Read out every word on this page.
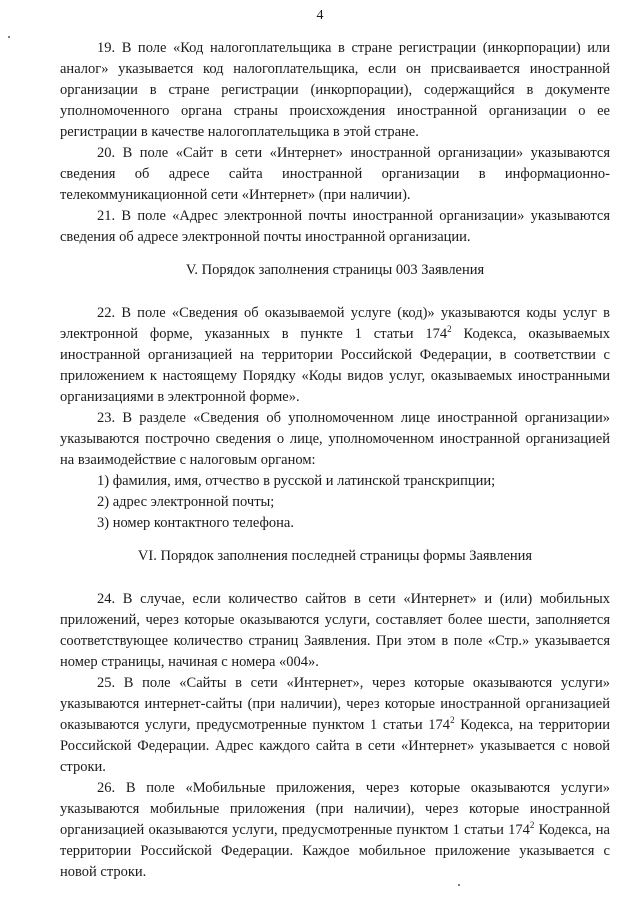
4

19. В поле «Код налогоплательщика в стране регистрации (инкорпорации) или аналог» указывается код налогоплательщика, если он присваивается иностранной организации в стране регистрации (инкорпорации), содержащийся в документе уполномоченного органа страны происхождения иностранной организации о ее регистрации в качестве налогоплательщика в этой стране.

20. В поле «Сайт в сети «Интернет» иностранной организации» указываются сведения об адресе сайта иностранной организации в информационно-телекоммуникационной сети «Интернет» (при наличии).

21. В поле «Адрес электронной почты иностранной организации» указываются сведения об адресе электронной почты иностранной организации.

V. Порядок заполнения страницы 003 Заявления

22. В поле «Сведения об оказываемой услуге (код)» указываются коды услуг в электронной форме, указанных в пункте 1 статьи $174^2$ Кодекса, оказываемых иностранной организацией на территории Российской Федерации, в соответствии с приложением к настоящему Порядку «Коды видов услуг, оказываемых иностранными организациями в электронной форме».

23. В разделе «Сведения об уполномоченном лице иностранной организации» указываются построчно сведения о лице, уполномоченном иностранной организацией на взаимодействие с налоговым органом:

1) фамилия, имя, отчество в русской и латинской транскрипции;

2) адрес электронной почты;

3) номер контактного телефона.

VI. Порядок заполнения последней страницы формы Заявления

24. В случае, если количество сайтов в сети «Интернет» и (или) мобильных приложений, через которые оказываются услуги, составляет более шести, заполняется соответствующее количество страниц Заявления. При этом в поле «Стр.» указывается номер страницы, начиная с номера «004».

25. В поле «Сайты в сети «Интернет», через которые оказываются услуги» указываются интернет-сайты (при наличии), через которые иностранной организацией оказываются услуги, предусмотренные пунктом 1 статьи $174^2$ Кодекса, на территории Российской Федерации. Адрес каждого сайта в сети «Интернет» указывается с новой строки.

26. В поле «Мобильные приложения, через которые оказываются услуги» указываются мобильные приложения (при наличии), через которые иностранной организацией оказываются услуги, предусмотренные пунктом 1 статьи $174^2$ Кодекса, на территории Российской Федерации. Каждое мобильное приложение указывается с новой строки.
